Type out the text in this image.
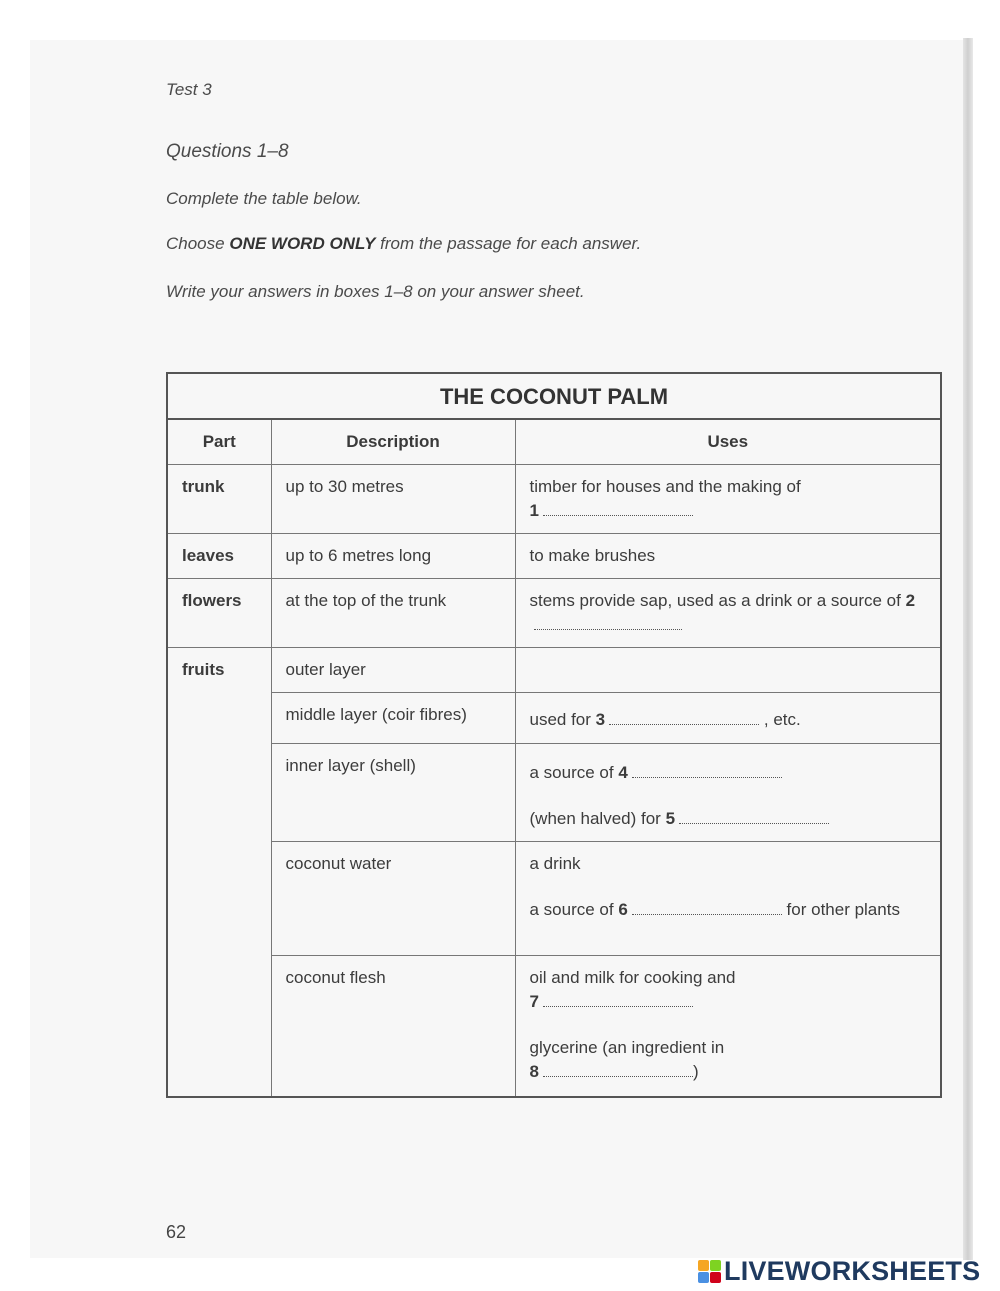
Test 3

Questions 1–8

Complete the table below.

Choose ONE WORD ONLY from the passage for each answer.

Write your answers in boxes 1–8 on your answer sheet.

THE COCONUT PALM		
Part	Description	Uses
trunk	up to 30 metres	timber for houses and the making of
1
leaves	up to 6 metres long	to make brushes
flowers	at the top of the trunk	stems provide sap, used as a drink or a source of 2
fruits	outer layer	
	middle layer (coir fibres)	used for 3 , etc.
	inner layer (shell)	a source of 4
(when halved) for 5
	coconut water	a drink
a source of 6 for other plants
	coconut flesh	oil and milk for cooking and
7
glycerine (an ingredient in
8 )

62

LIVEWORKSHEETS
